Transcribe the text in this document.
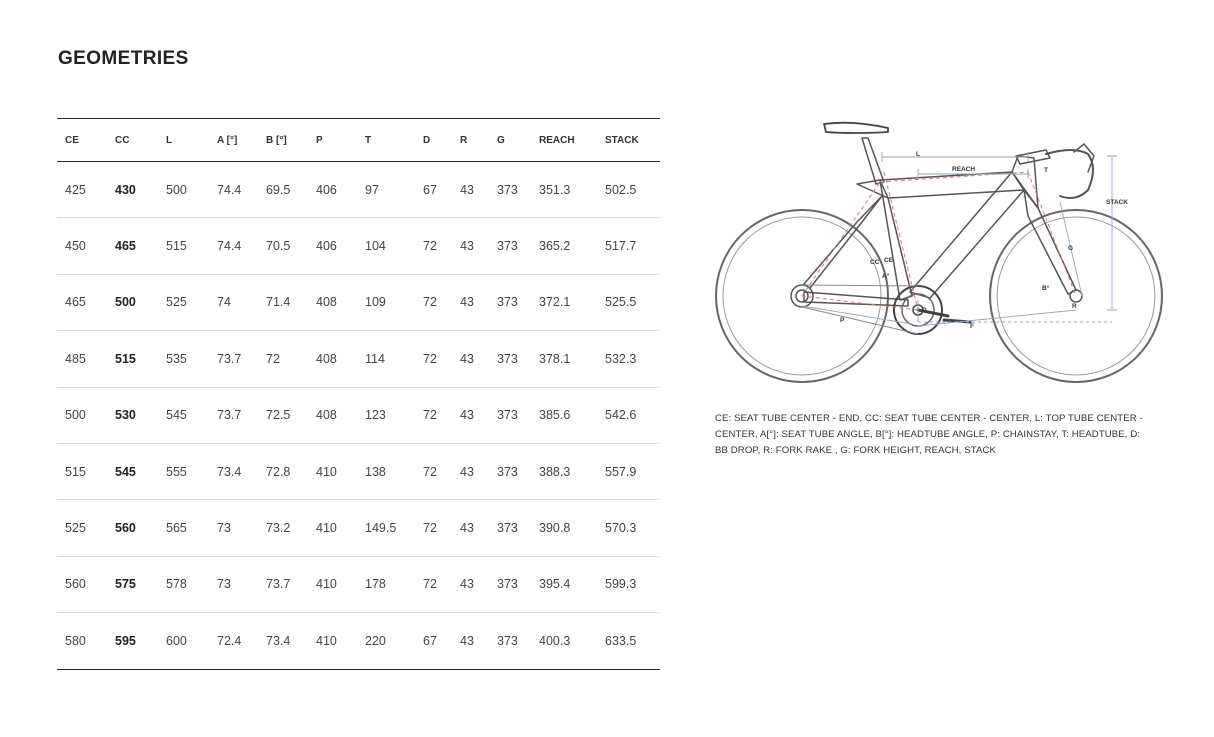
GEOMETRIES
CE	CC	L	A [°]	B [°]	P	T	D	R	G	REACH	STACK
425	430	500	74.4	69.5	406	97	67	43	373	351.3	502.5
450	465	515	74.4	70.5	406	104	72	43	373	365.2	517.7
465	500	525	74	71.4	408	109	72	43	373	372.1	525.5
485	515	535	73.7	72	408	114	72	43	373	378.1	532.3
500	530	545	73.7	72.5	408	123	72	43	373	385.6	542.6
515	545	555	73.4	72.8	410	138	72	43	373	388.3	557.9
525	560	565	73	73.2	410	149.5	72	43	373	390.8	570.3
560	575	578	73	73.7	410	178	72	43	373	395.4	599.3
580	595	600	72.4	73.4	410	220	67	43	373	400.3	633.5
L
REACH
STACK
T
G
CC CE
A°
B°
P
F
D
R

CE: SEAT TUBE CENTER - END, CC: SEAT TUBE CENTER - CENTER, L: TOP TUBE CENTER - CENTER, A[°]: SEAT TUBE ANGLE, B[°]: HEADTUBE ANGLE, P: CHAINSTAY, T: HEADTUBE, D: BB DROP, R: FORK RAKE , G: FORK HEIGHT, REACH, STACK
